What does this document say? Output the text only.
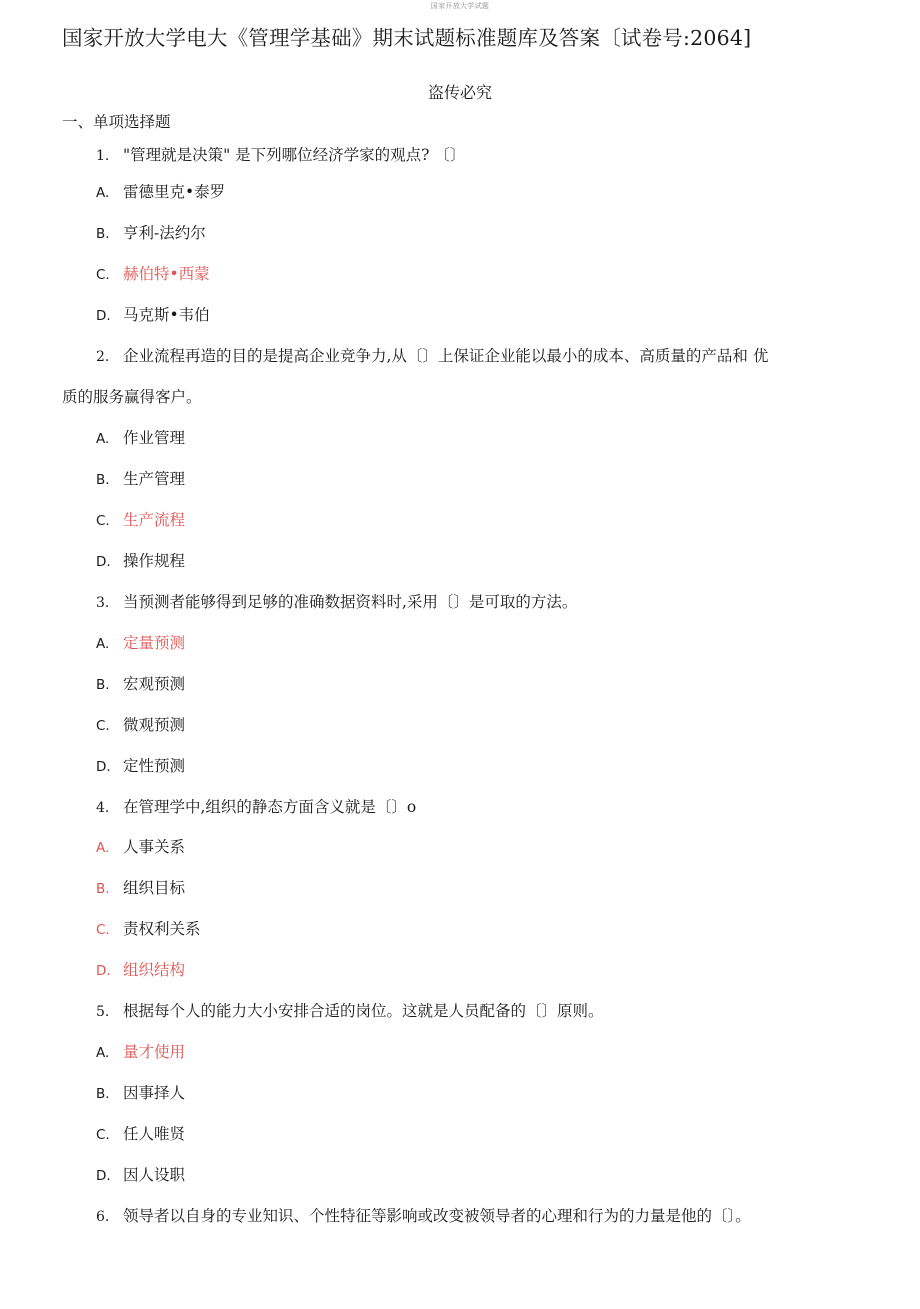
国家开放大学试题
国家开放大学电大《管理学基础》期末试题标准题库及答案〔试卷号:2064]
盗传必究
一、单项选择题
1. "管理就是决策" 是下列哪位经济学家的观点? 〔〕
A. 雷德里克•泰罗
B. 亨利-法约尔
C. 赫伯特•西蒙
D. 马克斯•韦伯
2. 企业流程再造的目的是提高企业竞争力,从〔〕上保证企业能以最小的成本、高质量的产品和 优
质的服务赢得客户。
A. 作业管理
B. 生产管理
C. 生产流程
D. 操作规程
3. 当预测者能够得到足够的准确数据资料时,采用〔〕是可取的方法。
A. 定量预测
B. 宏观预测
C. 微观预测
D. 定性预测
4. 在管理学中,组织的静态方面含义就是〔〕o
A. 人事关系
B. 组织目标
C. 责权利关系
D. 组织结构
5. 根据每个人的能力大小安排合适的岗位。这就是人员配备的〔〕原则。
A. 量才使用
B. 因事择人
C. 任人唯贤
D. 因人设职
6. 领导者以自身的专业知识、个性特征等影响或改变被领导者的心理和行为的力量是他的〔〕。
